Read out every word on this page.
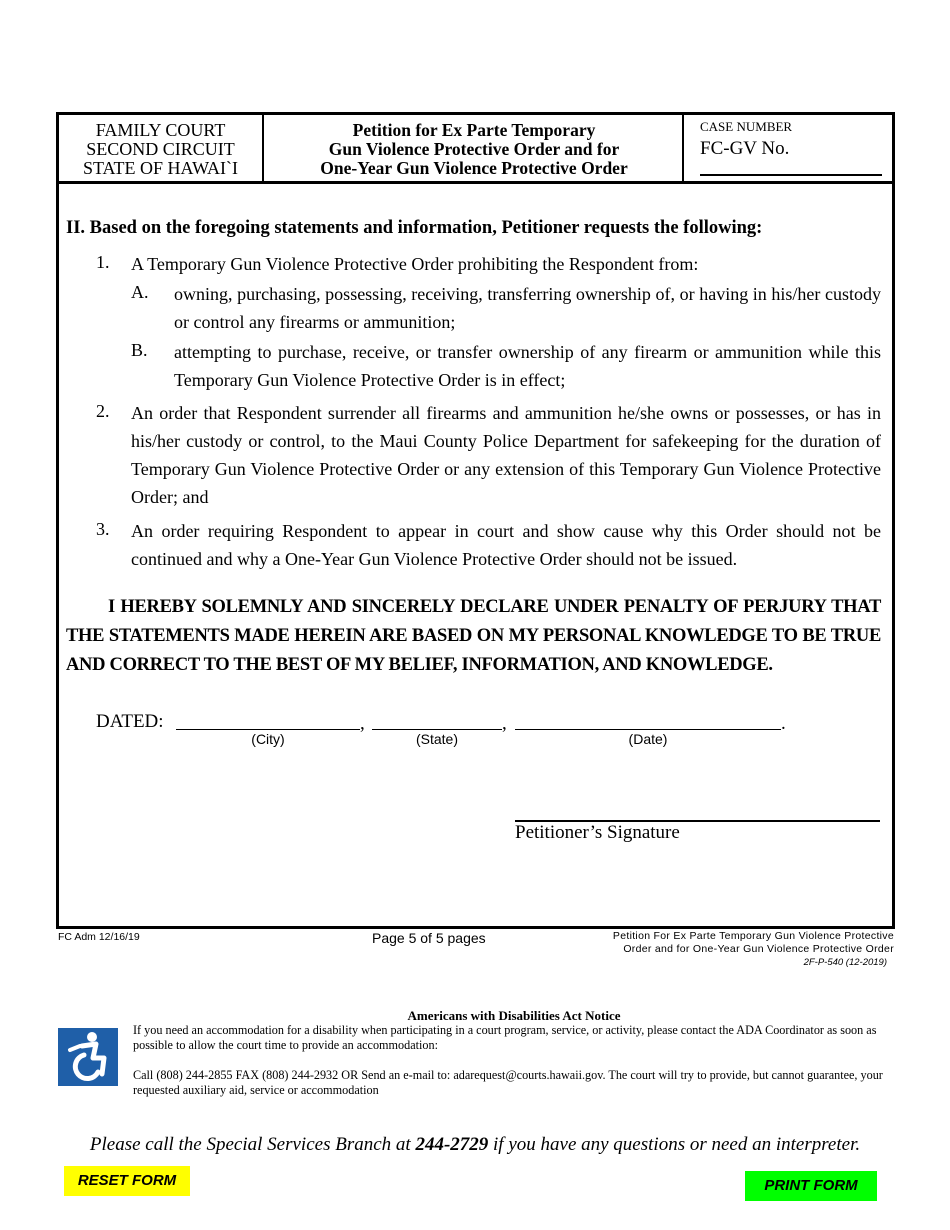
FAMILY COURT
SECOND CIRCUIT
STATE OF HAWAI`I
Petition for Ex Parte Temporary
Gun Violence Protective Order and for
One-Year Gun Violence Protective Order
CASE NUMBER
FC-GV No.
II. Based on the foregoing statements and information, Petitioner requests the following:
1. A Temporary Gun Violence Protective Order prohibiting the Respondent from:
A. owning, purchasing, possessing, receiving, transferring ownership of, or having in his/her custody or control any firearms or ammunition;
B. attempting to purchase, receive, or transfer ownership of any firearm or ammunition while this Temporary Gun Violence Protective Order is in effect;
2. An order that Respondent surrender all firearms and ammunition he/she owns or possesses, or has in his/her custody or control, to the Maui County Police Department for safekeeping for the duration of Temporary Gun Violence Protective Order or any extension of this Temporary Gun Violence Protective Order; and
3. An order requiring Respondent to appear in court and show cause why this Order should not be continued and why a One-Year Gun Violence Protective Order should not be issued.
I HEREBY SOLEMNLY AND SINCERELY DECLARE UNDER PENALTY OF PERJURY THAT THE STATEMENTS MADE HEREIN ARE BASED ON MY PERSONAL KNOWLEDGE TO BE TRUE AND CORRECT TO THE BEST OF MY BELIEF, INFORMATION, AND KNOWLEDGE.
DATED:	,	,	.
(City)	(State)	(Date)
Petitioner’s Signature
FC Adm 12/16/19	Page 5 of 5 pages	Petition For Ex Parte Temporary Gun Violence Protective
Order and for One-Year Gun Violence Protective Order
2F-P-540 (12-2019)
Americans with Disabilities Act Notice
If you need an accommodation for a disability when participating in a court program, service, or activity, please contact the ADA Coordinator as soon as possible to allow the court time to provide an accommodation:
Call (808) 244-2855 FAX (808) 244-2932 OR Send an e-mail to: adarequest@courts.hawaii.gov. The court will try to provide, but cannot guarantee, your requested auxiliary aid, service or accommodation
Please call the Special Services Branch at 244-2729 if you have any questions or need an interpreter.
RESET FORM	PRINT FORM
